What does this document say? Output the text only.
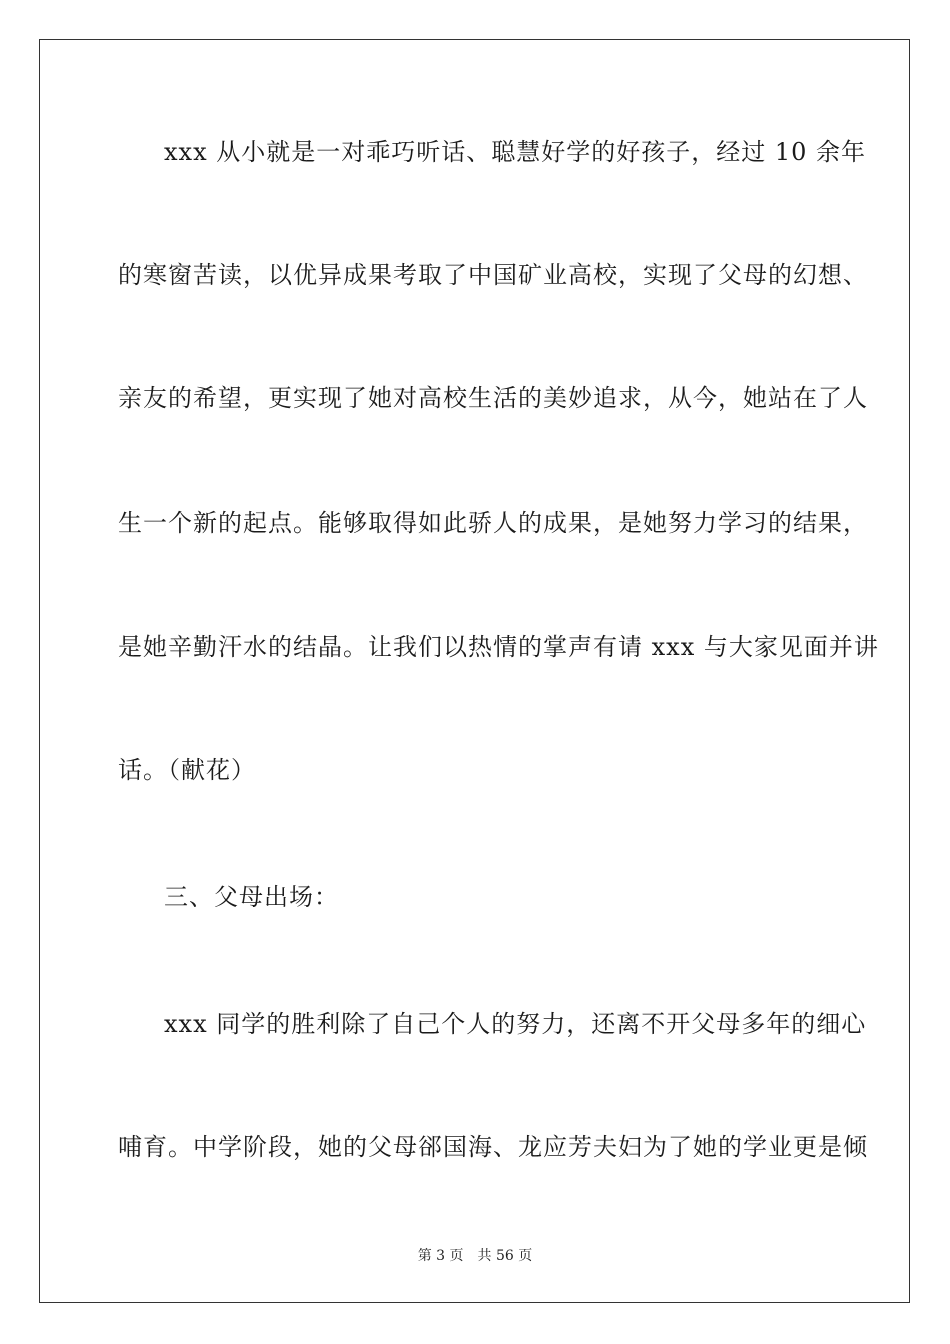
xxx 从小就是一对乖巧听话、聪慧好学的好孩子，经过 10 余年
的寒窗苦读，以优异成果考取了中国矿业高校，实现了父母的幻想、
亲友的希望，更实现了她对高校生活的美妙追求，从今，她站在了人
生一个新的起点。能够取得如此骄人的成果，是她努力学习的结果，
是她辛勤汗水的结晶。让我们以热情的掌声有请 xxx 与大家见面并讲
话。（献花）
三、父母出场：
xxx 同学的胜利除了自己个人的努力，还离不开父母多年的细心
哺育。中学阶段，她的父母郤国海、龙应芳夫妇为了她的学业更是倾
第 3 页 共 56 页
